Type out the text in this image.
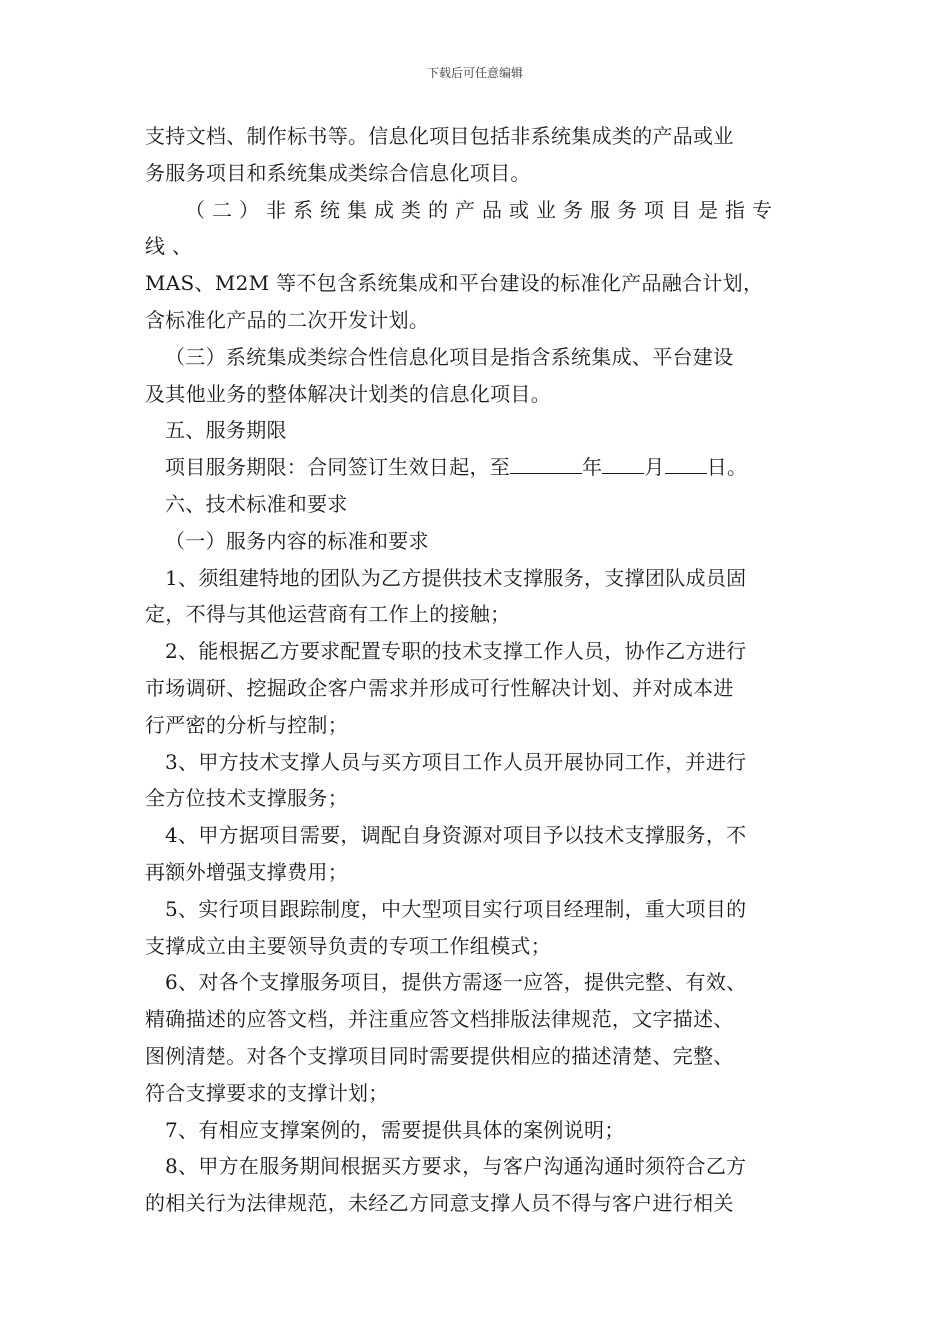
下载后可任意编辑

支持文档、制作标书等。信息化项目包括非系统集成类的产品或业

务服务项目和系统集成类综合信息化项目。

（二）非系统集成类的产品或业务服务项目是指专线、

MAS、M2M 等不包含系统集成和平台建设的标准化产品融合计划，

含标准化产品的二次开发计划。

（三）系统集成类综合性信息化项目是指含系统集成、平台建设

及其他业务的整体解决计划类的信息化项目。

五、服务期限

项目服务期限：合同签订生效日起，至	年 月 日。

六、技术标准和要求

（一）服务内容的标准和要求

1、须组建特地的团队为乙方提供技术支撑服务，支撑团队成员固

定，不得与其他运营商有工作上的接触；

2、能根据乙方要求配置专职的技术支撑工作人员，协作乙方进行

市场调研、挖掘政企客户需求并形成可行性解决计划、并对成本进

行严密的分析与控制；

3、甲方技术支撑人员与买方项目工作人员开展协同工作，并进行

全方位技术支撑服务；

4、甲方据项目需要，调配自身资源对项目予以技术支撑服务，不

再额外增强支撑费用；

5、实行项目跟踪制度，中大型项目实行项目经理制，重大项目的

支撑成立由主要领导负责的专项工作组模式；

6、对各个支撑服务项目，提供方需逐一应答，提供完整、有效、

精确描述的应答文档，并注重应答文档排版法律规范，文字描述、

图例清楚。对各个支撑项目同时需要提供相应的描述清楚、完整、

符合支撑要求的支撑计划；

7、有相应支撑案例的，需要提供具体的案例说明；

8、甲方在服务期间根据买方要求，与客户沟通沟通时须符合乙方

的相关行为法律规范，未经乙方同意支撑人员不得与客户进行相关
